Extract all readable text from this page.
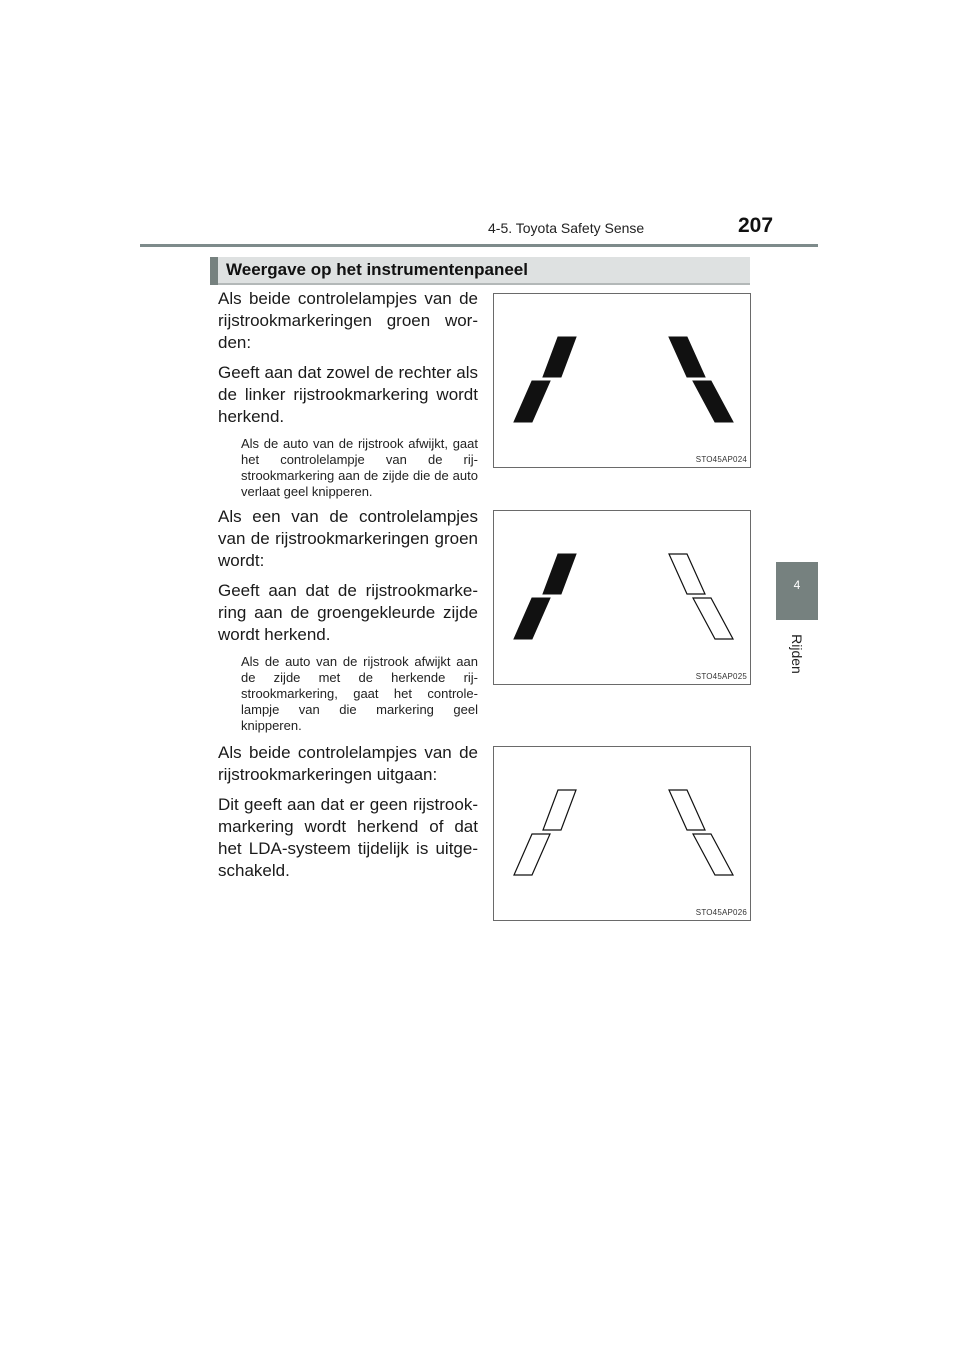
4-5. Toyota Safety Sense	207
4
Rijden
Weergave op het instrumentenpaneel

Als beide controlelampjes van de rijstrookmarkeringen groen wor-den:

Geeft aan dat zowel de rechter als de linker rijstrookmarkering wordt herkend.

Als de auto van de rijstrook afwijkt, gaat het controlelampje van de rij-strookmarkering aan de zijde die de auto verlaat geel knipperen.

Als een van de controlelampjes van de rijstrookmarkeringen groen wordt:

Geeft aan dat de rijstrookmarke-ring aan de groengekleurde zijde wordt herkend.

Als de auto van de rijstrook afwijkt aan de zijde met de herkende rij-strookmarkering, gaat het controle-lampje van die markering geel knipperen.

Als beide controlelampjes van de rijstrookmarkeringen uitgaan:

Dit geeft aan dat er geen rijstrook-markering wordt herkend of dat het LDA-systeem tijdelijk is uitge-schakeld.

STO45AP024
STO45AP025
STO45AP026
